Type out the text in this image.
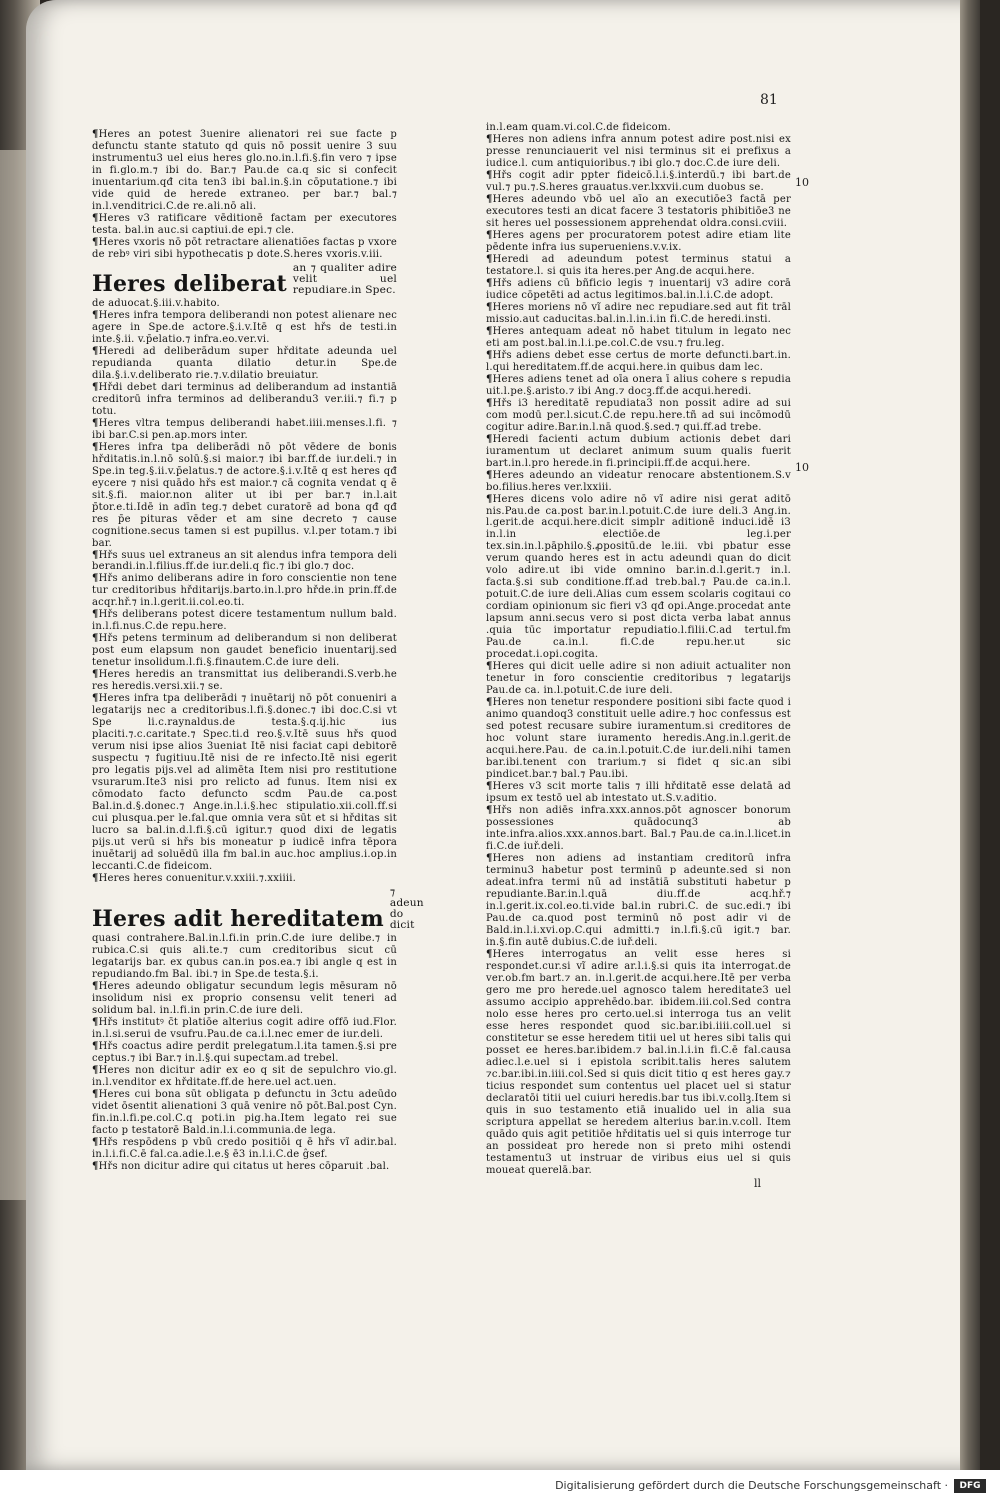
81

¶ Heres an potest 3uenire alienatori rei sue facte p defunctu stante statuto qd quis nō possit uenire 3 suu instrumentu3 uel eius heres glo.no.in.l.fi.§.fin vero ⁊ ipse in fi.glo.m.⁊ ibi do. Bar.⁊ Pau.de ca.q sic si confecit inuentarium.qđ cita ten3 ibi bal.in.§.in cōputatione.⁊ ibi vide quid de herede extraneo. per bar.⁊ bal.⁊ in.l.venditrici.C.de re.ali.nō ali.

¶ Heres v3 ratificare vēditionē factam per executores testa. bal.in auc.si captiui.de epi.⁊ cle.

¶ Heres vxoris nō pōt retractare alienatiões factas p vxore de rebꝰ viri sibi hypothecatis p dote.S.heres vxoris.v.iii.

Heres deliberat
an ⁊ qualiter adire velit uel repudiare.in Spec.

de aduocat.§.iii.v.habito.

¶ Heres infra tempora deliberandi non potest alienare nec agere in Spe.de actore.§.i.v.Itē q est hřs de testi.in inte.§.ii. v.p̄elatio.⁊ infra.eo.ver.vi.

¶ Heredi ad deliberādum super hřditate adeunda uel repudianda quanta dilatio detur.in Spe.de dila.§.i.v.deliberato rie.⁊.v.dilatio breuiatur.

¶ Hřdi debet dari terminus ad deliberandum ad instantiā creditorū infra terminos ad deliberandu3 ver.iii.⁊ fi.⁊ p totu.

¶ Heres vltra tempus deliberandi habet.iiii.menses.l.fi. ⁊ ibi bar.C.si pen.ap.mors inter.

¶ Heres infra tpa deliberādi nō pōt vēdere de bonis hřditatis.in.l.nō solū.§.si maior.⁊ ibi bar.ff.de iur.deli.⁊ in Spe.in teg.§.ii.v.p̄elatus.⁊ de actore.§.i.v.Itē q est heres qđ eycere ⁊ nisi quādo hřs est maior.⁊ cā cognita vendat q ē sit.§.fi. maior.non aliter ut ibi per bar.⁊ in.l.ait p̄tor.e.ti.Idē in adīn teg.⁊ debet curatorē ad bona qđ qđ res p̄e pituras vēder et am sine decreto ⁊ cause cognitione.secus tamen si est pupillus. v.l.per totam.⁊ ibi bar.

¶ Hřs suus uel extraneus an sit alendus infra tempora deli berandi.in.l.filius.ff.de iur.deli.q fic.⁊ ibi glo.⁊ doc.

¶ Hřs animo deliberans adire in foro conscientie non tene tur creditoribus hřditarijs.barto.in.l.pro hřde.in prin.ff.de acqr.hř.⁊ in.l.gerit.ii.col.eo.ti.

¶ Hřs deliberans potest dicere testamentum nullum bald. in.l.fi.nus.C.de repu.here.

¶ Hřs petens terminum ad deliberandum si non deliberat post eum elapsum non gaudet beneficio inuentarij.sed tenetur insolidum.l.fi.§.finautem.C.de iure deli.

¶ Heres heredis an transmittat ius deliberandi.S.verb.he res heredis.versi.xii.⁊ se.

¶ Heres infra tpa deliberādi ⁊ inuētarij nō pōt conueniri a legatarijs nec a creditoribus.l.fi.§.donec.⁊ ibi doc.C.si vt Spe li.c.raynaldus.de testa.§.q.ij.hic ius placiti.⁊.c.caritate.⁊ Spec.ti.d reo.§.v.Itē suus hřs quod verum nisi ipse alios 3ueniat Itē nisi faciat capi debitorē suspectu ⁊ fugitiuu.Itē nisi de re infecto.Itē nisi egerit pro legatis pijs.vel ad alimēta Item nisi pro restitutione vsurarum.Ite3 nisi pro relicto ad funus. Item nisi ex cōmodato facto defuncto scdm Pau.de ca.post Bal.in.d.§.donec.⁊ Ange.in.l.i.§.hec stipulatio.xii.coll.ff.si cui plusqua.per le.fal.que omnia vera sūt et si hřditas sit lucro sa bal.in.d.l.fi.§.cū igitur.⁊ quod dixi de legatis pijs.ut verū si hřs bis moneatur p iudicē infra tēpora inuētarij ad soluēdū illa fm bal.in auc.hoc amplius.i.op.in leccanti.C.de fideicom.

¶ Heres heres conuenitur.v.xxiii.⁊.xxiiii.

Heres adit hereditatem
⁊ adeun do dicit

quasi contrahere.Bal.in.l.fi.in prin.C.de iure delibe.⁊ in rubica.C.si quis ali.te.⁊ cum creditoribus sicut cū legatarijs bar. ex qubus can.in pos.ea.⁊ ibi angle q est in repudiando.fm Bal. ibi.⁊ in Spe.de testa.§.i.

¶ Heres adeundo obligatur secundum legis mēsuram nō insolidum nisi ex proprio consensu velit teneri ad solidum bal. in.l.fi.in prin.C.de iure deli.

¶ Hřs institutꝰ c̄t platiōe alterius cogit adire offō iud.Flor. in.l.si.serui de vsufru.Pau.de ca.i.l.nec emer de iur.deli.

¶ Hřs coactus adire perdit prelegatum.l.ita tamen.§.si pre ceptus.⁊ ibi Bar.⁊ in.l.§.qui supectam.ad trebel.

¶ Heres non dicitur adir ex eo q sit de sepulchro vio.gl. in.l.venditor ex hřditate.ff.de here.uel act.uen.

¶ Heres cui bona sūt obligata p defunctu in 3ctu adeūdo videt ōsentit alienationi 3 quā venire nō pōt.Bal.post Cyn. fin.in.l.fi.pe.col.C.q poti.in pig.ha.Item legato rei sue facto p testatorē Bald.in.l.i.communia.de lega.

¶ Hřs respōdens p vbū credo positiōi q ē hřs vĩ adir.bal. in.l.i.fi.C.ē fal.ca.adie.l.e.§ ē3 in.l.i.C.de ĝsef.

¶ Hřs non dicitur adire qui citatus ut heres cōparuit .bal.

in.l.eam quam.vi.col.C.de fideicom.

¶ Heres non adiens infra annum potest adire post.nisi ex presse renunciauerit vel nisi terminus sit ei prefixus a iudice.l. cum antiquioribus.⁊ ibi glo.⁊ doc.C.de iure deli.

¶ Hřs cogit adir ppter fideicō.l.i.§.interdū.⁊ ibi bart.de vul.⁊ pu.⁊.S.heres grauatus.ver.lxxvii.cum duobus se.

¶ Heres adeundo vbō uel aīo an executiōe3 factā per executores testi an dicat facere 3 testatoris phibitiōe3 ne sit heres uel possessionem apprehendat oldra.consi.cviii.

¶ Heres agens per procuratorem potest adire etiam lite pēdente infra ius superueniens.v.v.ix.

¶ Heredi ad adeundum potest terminus statui a testatore.l. si quis ita heres.per Ang.de acqui.here.

¶ Hřs adiens cū bñficio legis ⁊ inuentarij v3 adire corā iudice cōpetēti ad actus legitimos.bal.in.l.i.C.de adopt.

¶ Heres moriens nō vĩ adire nec repudiare.sed aut fit trāl missio.aut caducitas.bal.in.l.in.i.in fi.C.de heredi.insti.

¶ Heres antequam adeat nō habet titulum in legato nec eti am post.bal.in.l.i.pe.col.C.de vsu.⁊ fru.leg.

¶ Hřs adiens debet esse certus de morte defuncti.bart.in. l.qui hereditatem.ff.de acqui.here.in quibus dam lec.

¶ Heres adiens tenet ad oīa onera ī alius cohere s repudia uit.l.pe.§.aristo.⁊ ibi Ang.⁊ docꝫ.ff.de acqui.heredi.

¶ Hřs i3 hereditatē repudiata3 non possit adire ad sui com modū per.l.sicut.C.de repu.here.tñ ad sui incōmodū cogitur adire.Bar.in.l.nā quod.§.sed.⁊ qui.ff.ad trebe.

¶ Heredi facienti actum dubium actionis debet dari iuramentum ut declaret animum suum qualis fuerit bart.in.l.pro herede.in fi.principii.ff.de acqui.here.

¶ Heres adeundo an videatur renocare abstentionem.S.v bo.filius.heres ver.lxxiii.

¶ Heres dicens volo adire nō vĩ adire nisi gerat aditō nis.Pau.de ca.post bar.in.l.potuit.C.de iure deli.3 Ang.in. l.gerit.de acqui.here.dicit simplr aditionē induci.idē i3 in.l.in electiōe.de leg.i.per tex.sin.in.l.pāphilo.§.ꝓpositū.de le.iii. vbi pbatur esse verum quando heres est in actu adeundi quan do dicit volo adire.ut ibi vide omnino bar.in.d.l.gerit.⁊ in.l. facta.§.si sub conditione.ff.ad treb.bal.⁊ Pau.de ca.in.l. potuit.C.de iure deli.Alias cum essem scolaris cogitaui co cordiam opinionum sic fieri v3 qđ opi.Ange.procedat ante lapsum anni.secus vero si post dicta verba labat annus .quia tūc importatur repudiatio.l.filii.C.ad tertul.fm Pau.de ca.in.l. fi.C.de repu.her.ut sic procedat.i.opi.cogita.

¶ Heres qui dicit uelle adire si non adiuit actualiter non tenetur in foro conscientie creditoribus ⁊ legatarijs Pau.de ca. in.l.potuit.C.de iure deli.

¶ Heres non tenetur respondere positioni sibi facte quod i animo quandoq3 constituit uelle adire.⁊ hoc confessus est sed potest recusare subire iuramentum.si creditores de hoc volunt stare iuramento heredis.Ang.in.l.gerit.de acqui.here.Pau. de ca.in.l.potuit.C.de iur.deli.nihi tamen bar.ibi.tenent con trarium.⁊ si fidet q sic.an sibi pindicet.bar.⁊ bal.⁊ Pau.ibi.

¶ Heres v3 scit morte talis ⁊ illi hřditatē esse delatā ad ipsum ex testō uel ab intestato ut.S.v.aditio.

¶ Hřs non adiēs infra.xxx.annos.pōt agnoscer bonorum possessiones quādocunq3 ab inte.infra.alios.xxx.annos.bart. Bal.⁊ Pau.de ca.in.l.licet.in fi.C.de iuř.deli.

¶ Heres non adiens ad instantiam creditorū infra terminu3 habetur post terminū p adeunte.sed si non adeat.infra termi nū ad instātiā substituti habetur p repudiante.Bar.in.l.quā diu.ff.de acq.hř.⁊ in.l.gerit.ix.col.eo.ti.vide bal.in rubri.C. de suc.edi.⁊ ibi Pau.de ca.quod post terminū nō post adir vi de Bald.in.l.i.xvi.op.C.qui admitti.⁊ in.l.fi.§.cū igit.⁊ bar. in.§.fin autē dubius.C.de iuř.deli.

¶ Heres interrogatus an velit esse heres si respondet.cur.si vĩ adire ar.l.i.§.si quis ita interrogat.de ver.ob.fm bart.⁊ an. in.l.gerit.de acqui.here.Itē per verba gero me pro herede.uel agnosco talem hereditate3 uel assumo accipio apprehēdo.bar. ibidem.iii.col.Sed contra nolo esse heres pro certo.uel.si interroga tus an velit esse heres respondet quod sic.bar.ibi.iiii.coll.uel si constitetur se esse heredem titii uel ut heres sibi talis qui posset ee heres.bar.ibidem.⁊ bal.in.l.i.in fi.C.ē fal.causa adiec.l.e.uel si i epistola scribit.talis heres salutem ⁊c.bar.ibi.in.iiii.col.Sed si quis dicit titio q est heres gay.⁊ ticius respondet sum contentus uel placet uel si statur declaratōi titii uel cuiuri heredis.bar tus ibi.v.collꝫ.Item si quis in suo testamento etiā inualido uel in alia sua scriptura appellat se heredem alterius bar.in.v.coll. Item quādo quis agit petitiōe hřditatis uel si quis interroge tur an possideat pro herede non si preto mihi ostendi testamentu3 ut instruar de viribus eius uel si quis moueat querelā.bar.

10
10
ll
Digitalisierung gefördert durch die Deutsche Forschungsgemeinschaft ·	DFG
